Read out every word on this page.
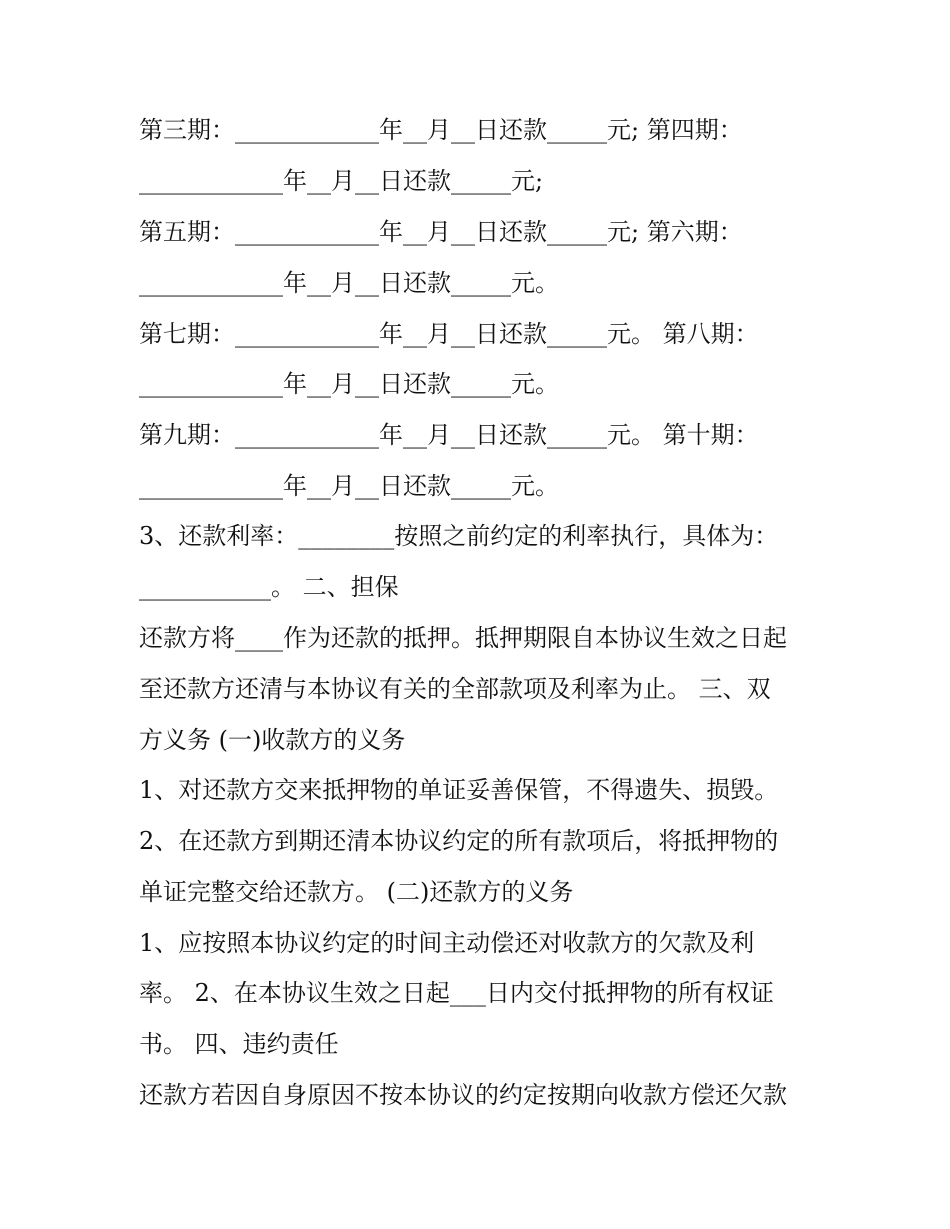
第三期：____________年__月__日还款_____元; 第四期：
____________年__月__日还款_____元;
第五期：____________年__月__日还款_____元; 第六期：
____________年__月__日还款_____元。
第七期：____________年__月__日还款_____元。 第八期：
____________年__月__日还款_____元。
第九期：____________年__月__日还款_____元。 第十期：
____________年__月__日还款_____元。
3、还款利率：________按照之前约定的利率执行，具体为：
___________。 二、担保
还款方将____作为还款的抵押。抵押期限自本协议生效之日起
至还款方还清与本协议有关的全部款项及利率为止。 三、双
方义务 (一)收款方的义务
1、对还款方交来抵押物的单证妥善保管，不得遗失、损毁。
2、在还款方到期还清本协议约定的所有款项后，将抵押物的
单证完整交给还款方。 (二)还款方的义务
1、应按照本协议约定的时间主动偿还对收款方的欠款及利
率。 2、在本协议生效之日起___日内交付抵押物的所有权证
书。 四、违约责任
还款方若因自身原因不按本协议的约定按期向收款方偿还欠款
